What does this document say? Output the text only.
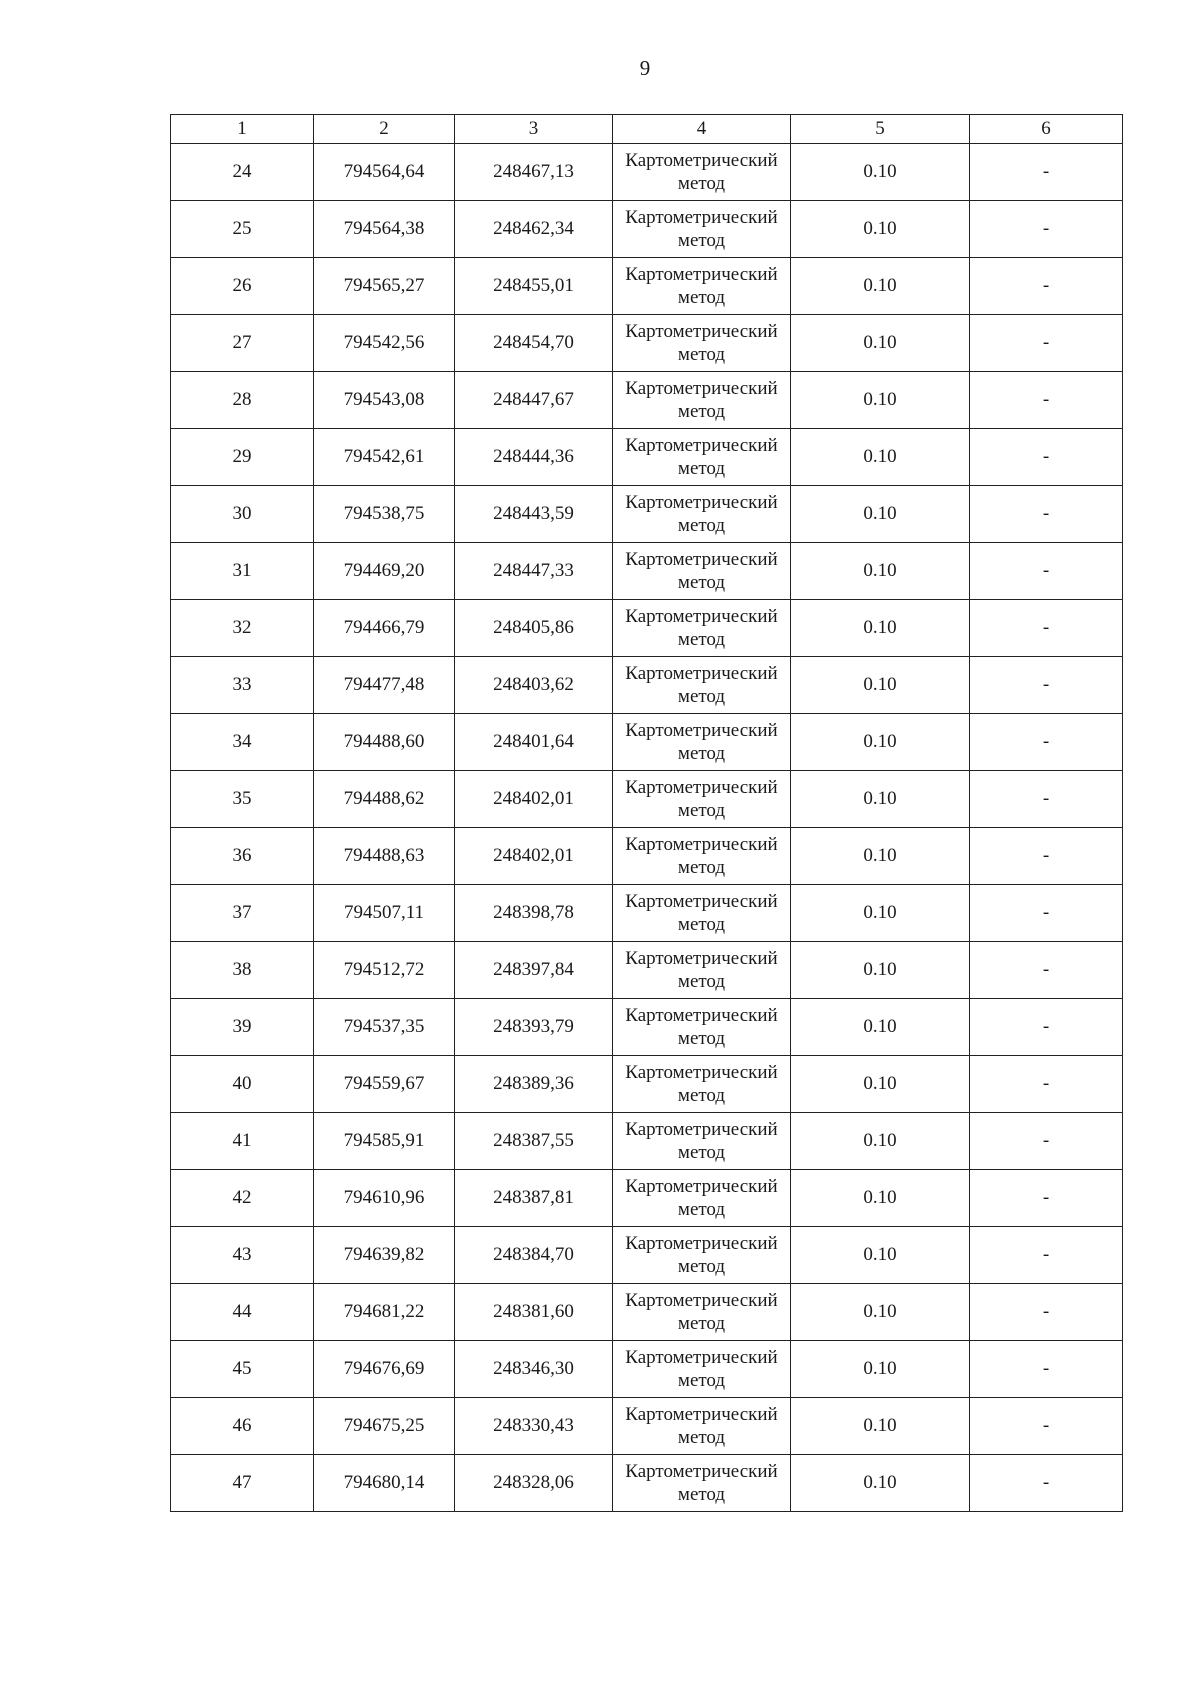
9
1	2	3	4	5	6
24	794564,64	248467,13	Картометрический метод	0.10	-
25	794564,38	248462,34	Картометрический метод	0.10	-
26	794565,27	248455,01	Картометрический метод	0.10	-
27	794542,56	248454,70	Картометрический метод	0.10	-
28	794543,08	248447,67	Картометрический метод	0.10	-
29	794542,61	248444,36	Картометрический метод	0.10	-
30	794538,75	248443,59	Картометрический метод	0.10	-
31	794469,20	248447,33	Картометрический метод	0.10	-
32	794466,79	248405,86	Картометрический метод	0.10	-
33	794477,48	248403,62	Картометрический метод	0.10	-
34	794488,60	248401,64	Картометрический метод	0.10	-
35	794488,62	248402,01	Картометрический метод	0.10	-
36	794488,63	248402,01	Картометрический метод	0.10	-
37	794507,11	248398,78	Картометрический метод	0.10	-
38	794512,72	248397,84	Картометрический метод	0.10	-
39	794537,35	248393,79	Картометрический метод	0.10	-
40	794559,67	248389,36	Картометрический метод	0.10	-
41	794585,91	248387,55	Картометрический метод	0.10	-
42	794610,96	248387,81	Картометрический метод	0.10	-
43	794639,82	248384,70	Картометрический метод	0.10	-
44	794681,22	248381,60	Картометрический метод	0.10	-
45	794676,69	248346,30	Картометрический метод	0.10	-
46	794675,25	248330,43	Картометрический метод	0.10	-
47	794680,14	248328,06	Картометрический метод	0.10	-
